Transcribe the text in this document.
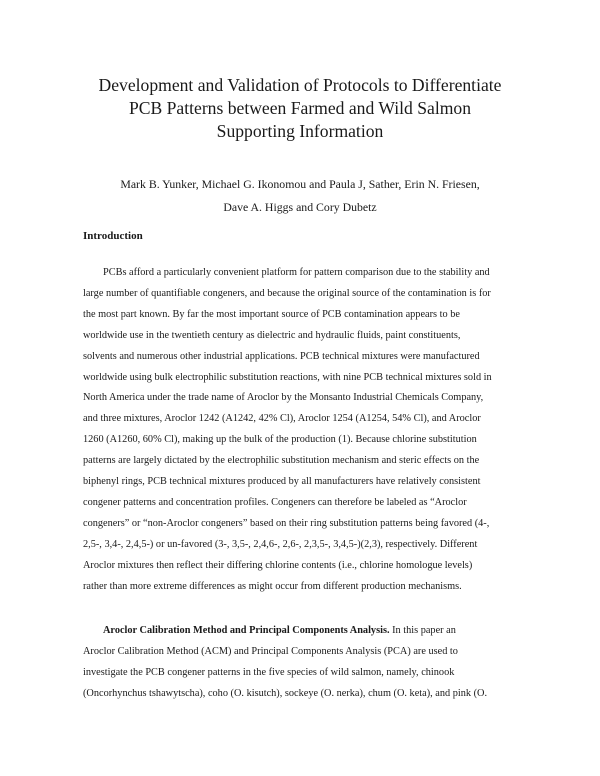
Development and Validation of Protocols to Differentiate
PCB Patterns between Farmed and Wild Salmon
Supporting Information
Mark B. Yunker, Michael G. Ikonomou and Paula J, Sather, Erin N. Friesen,
Dave A. Higgs and Cory Dubetz
Introduction
PCBs afford a particularly convenient platform for pattern comparison due to the stability and
large number of quantifiable congeners, and because the original source of the contamination is for
the most part known. By far the most important source of PCB contamination appears to be
worldwide use in the twentieth century as dielectric and hydraulic fluids, paint constituents,
solvents and numerous other industrial applications. PCB technical mixtures were manufactured
worldwide using bulk electrophilic substitution reactions, with nine PCB technical mixtures sold in
North America under the trade name of Aroclor by the Monsanto Industrial Chemicals Company,
and three mixtures, Aroclor 1242 (A1242, 42% Cl), Aroclor 1254 (A1254, 54% Cl), and Aroclor
1260 (A1260, 60% Cl), making up the bulk of the production (1). Because chlorine substitution
patterns are largely dictated by the electrophilic substitution mechanism and steric effects on the
biphenyl rings, PCB technical mixtures produced by all manufacturers have relatively consistent
congener patterns and concentration profiles. Congeners can therefore be labeled as “Aroclor
congeners” or “non-Aroclor congeners” based on their ring substitution patterns being favored (4-,
2,5-, 3,4-, 2,4,5-) or un-favored (3-, 3,5-, 2,4,6-, 2,6-, 2,3,5-, 3,4,5-)(2,3), respectively. Different
Aroclor mixtures then reflect their differing chlorine contents (i.e., chlorine homologue levels)
rather than more extreme differences as might occur from different production mechanisms.
Aroclor Calibration Method and Principal Components Analysis. In this paper an
Aroclor Calibration Method (ACM) and Principal Components Analysis (PCA) are used to
investigate the PCB congener patterns in the five species of wild salmon, namely, chinook
(Oncorhynchus tshawytscha), coho (O. kisutch), sockeye (O. nerka), chum (O. keta), and pink (O.
